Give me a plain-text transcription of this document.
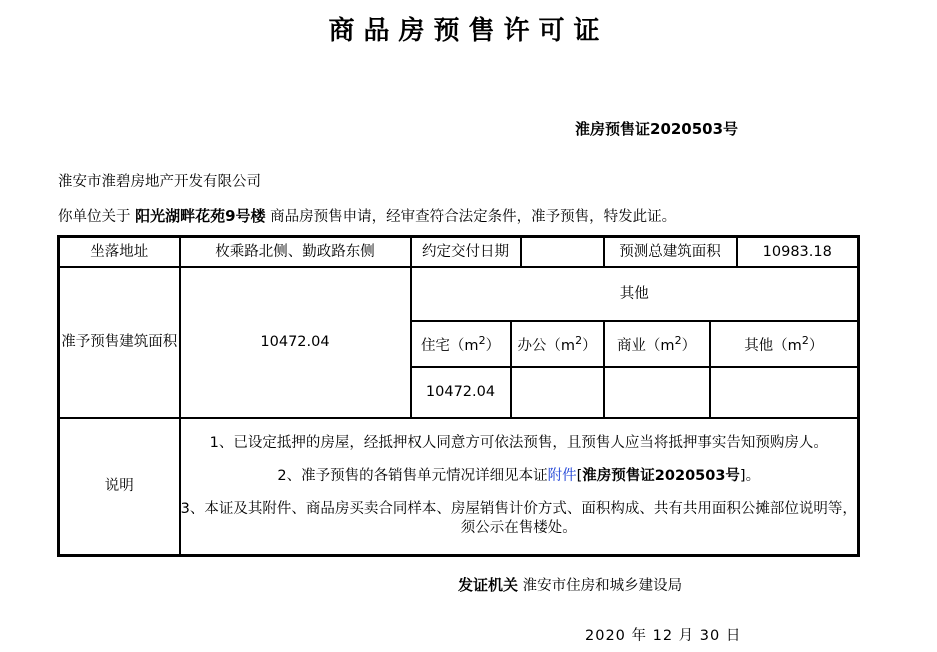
商品房预售许可证
淮房预售证2020503号
淮安市淮碧房地产开发有限公司
你单位关于 阳光湖畔花苑9号楼 商品房预售申请，经审查符合法定条件，准予预售，特发此证。
坐落地址	枚乘路北侧、勤政路东侧	约定交付日期			预测总建筑面积		10983.18
准予预售建筑面积	10472.04	其他					
		住宅$(m^2)$	办公$(m^2)$		商业$(m^2)$	其他$(m^2)$	
		10472.04					
说明	1、已设定抵押的房屋，经抵押权人同意方可依法预售，且预售人应当将抵押事实告知预购房人。
2、准予预售的各销售单元情况详细见本证附件[淮房预售证2020503号]。
3、本证及其附件、商品房买卖合同样本、房屋销售计价方式、面积构成、共有共用面积公摊部位说明等，须公示在售楼处。						
发证机关 淮安市住房和城乡建设局
2020 年 12 月 30 日
